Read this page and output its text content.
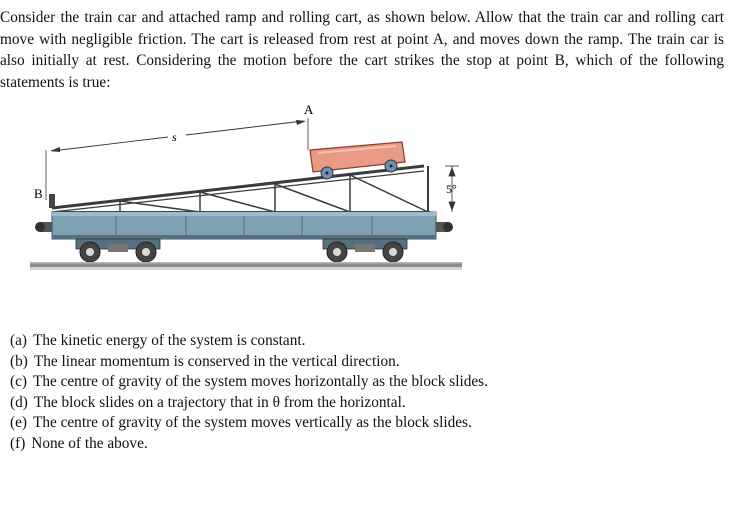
Consider the train car and attached ramp and rolling cart, as shown below. Allow that the train car and rolling cart move with negligible friction. The cart is released from rest at point A, and moves down the ramp. The train car is also initially at rest. Considering the motion before the cart strikes the stop at point B, which of the following statements is true:

s
A
B	5°
(a) The kinetic energy of the system is constant.
(b) The linear momentum is conserved in the vertical direction.
(c) The centre of gravity of the system moves horizontally as the block slides.
(d) The block slides on a trajectory that in θ from the horizontal.
(e) The centre of gravity of the system moves vertically as the block slides.
(f) None of the above.
